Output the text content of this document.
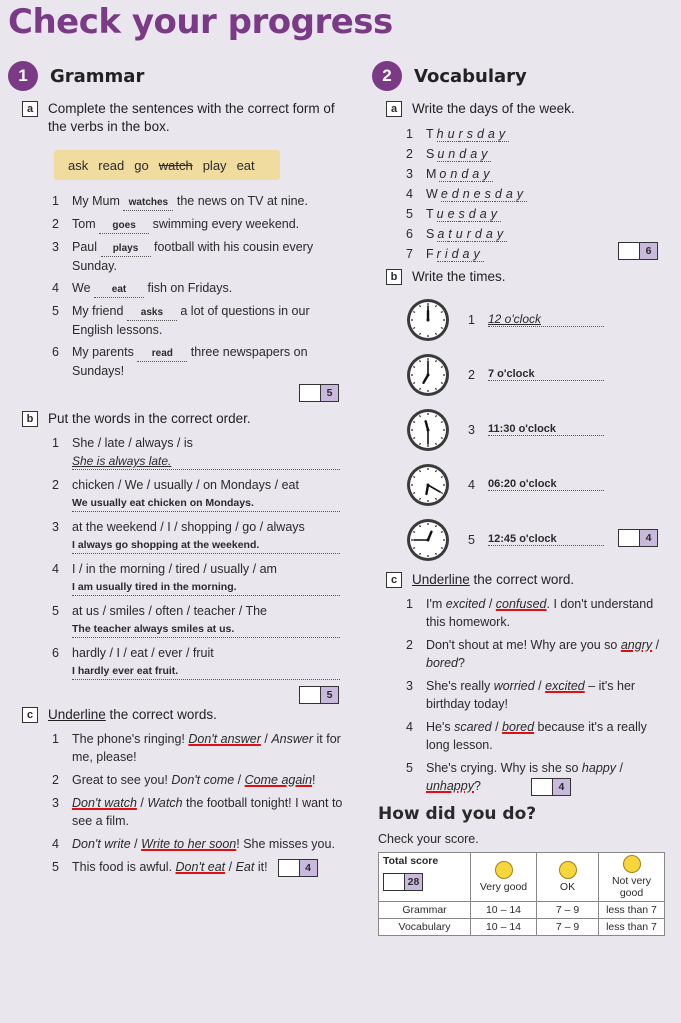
Check your progress
1	Grammar
a	Complete the sentences with the correct form of the verbs in the box.
ask read go watch play eat
1	My Mum watches the news on TV at nine.
2	Tom goes swimming every weekend.
3	Paul plays football with his cousin every Sunday.
4	We eat fish on Fridays.
5	My friend asks a lot of questions in our English lessons.
6	My parents read three newspapers on Sundays!
5
b	Put the words in the correct order.
1	She / late / always / is
She is always late.
2	chicken / We / usually / on Mondays / eat
We usually eat chicken on Mondays.
3	at the weekend / I / shopping / go / always
I always go shopping at the weekend.
4	I / in the morning / tired / usually / am
I am usually tired in the morning.
5	at us / smiles / often / teacher / The
The teacher always smiles at us.
6	hardly / I / eat / ever / fruit
I hardly ever eat fruit.
5
c	Underline the correct words.
1	The phone's ringing! Don't answer / Answer it for me, please!
2	Great to see you! Don't come / Come again!
3	Don't watch / Watch the football tonight! I want to see a film.
4	Don't write / Write to her soon! She misses you.
5	This food is awful. Don't eat / Eat it!	4
2	Vocabulary
a	Write the days of the week.
1	T hursday
2	S unday
3	M onday
4	W ednesday
5	T uesday
6	S aturday
7	F riday	6
b	Write the times.
1	12 o'clock
2	7 o'clock
3	11:30 o'clock
4	06:20 o'clock
5	12:45 o'clock	4
c	Underline the correct word.
1	I'm excited / confused. I don't understand this homework.
2	Don't shout at me! Why are you so angry / bored?
3	She's really worried / excited – it's her birthday today!
4	He's scared / bored because it's a really long lesson.
5	She's crying. Why is she so happy / unhappy?	4
How did you do?
Check your score.
Total score
28	Very good	OK	Not very good
Grammar	10 – 14	7 – 9	less than 7
Vocabulary	10 – 14	7 – 9	less than 7
